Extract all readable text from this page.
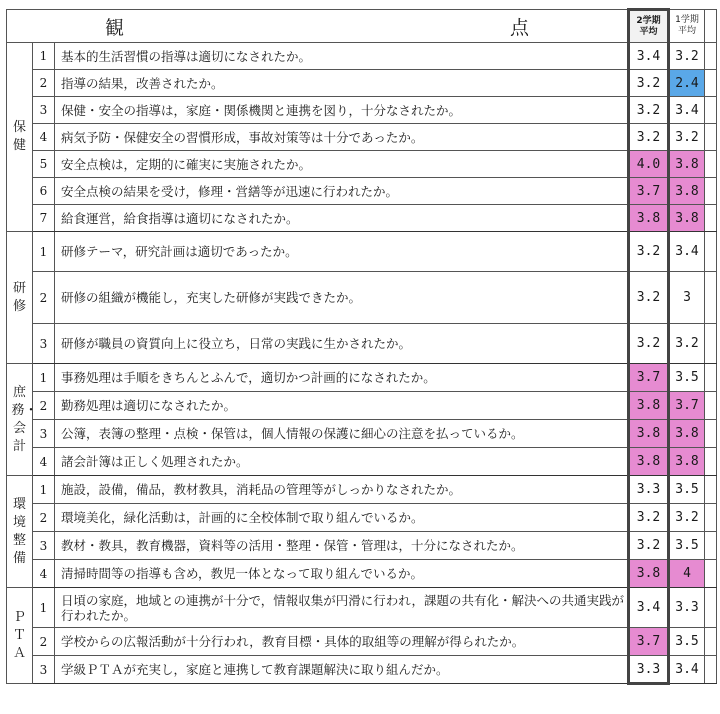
観 点			2学期平均	1学期平均	
保健	1	基本的生活習慣の指導は適切になされたか。	3.4	3.2	
	2	指導の結果，改善されたか。	3.2	2.4	
	3	保健・安全の指導は，家庭・関係機関と連携を図り，十分なされたか。	3.2	3.4	
	4	病気予防・保健安全の習慣形成，事故対策等は十分であったか。	3.2	3.2	
	5	安全点検は，定期的に確実に実施されたか。	4.0	3.8	
	6	安全点検の結果を受け，修理・営繕等が迅速に行われたか。	3.7	3.8	
	7	給食運営，給食指導は適切になされたか。	3.8	3.8	
研修	1	研修テーマ，研究計画は適切であったか。	3.2	3.4	
	2	研修の組織が機能し，充実した研修が実践できたか。	3.2	3	
	3	研修が職員の資質向上に役立ち，日常の実践に生かされたか。	3.2	3.2	
庶務・会計	1	事務処理は手順をきちんとふんで，適切かつ計画的になされたか。	3.7	3.5	
	2	勤務処理は適切になされたか。	3.8	3.7	
	3	公簿，表簿の整理・点検・保管は，個人情報の保護に細心の注意を払っているか。	3.8	3.8	
	4	諸会計簿は正しく処理されたか。	3.8	3.8	
環境整備	1	施設，設備，備品，教材教具，消耗品の管理等がしっかりなされたか。	3.3	3.5	
	2	環境美化，緑化活動は，計画的に全校体制で取り組んでいるか。	3.2	3.2	
	3	教材・教具，教育機器，資料等の活用・整理・保管・管理は，十分になされたか。	3.2	3.5	
	4	清掃時間等の指導も含め，教児一体となって取り組んでいるか。	3.8	4	
ＰＴＡ	1	日頃の家庭，地域との連携が十分で，情報収集が円滑に行われ，課題の共有化・解決への共通実践が行われたか。	3.4	3.3	
	2	学校からの広報活動が十分行われ，教育目標・具体的取組等の理解が得られたか。	3.7	3.5	
	3	学級ＰＴＡが充実し，家庭と連携して教育課題解決に取り組んだか。	3.3	3.4	
